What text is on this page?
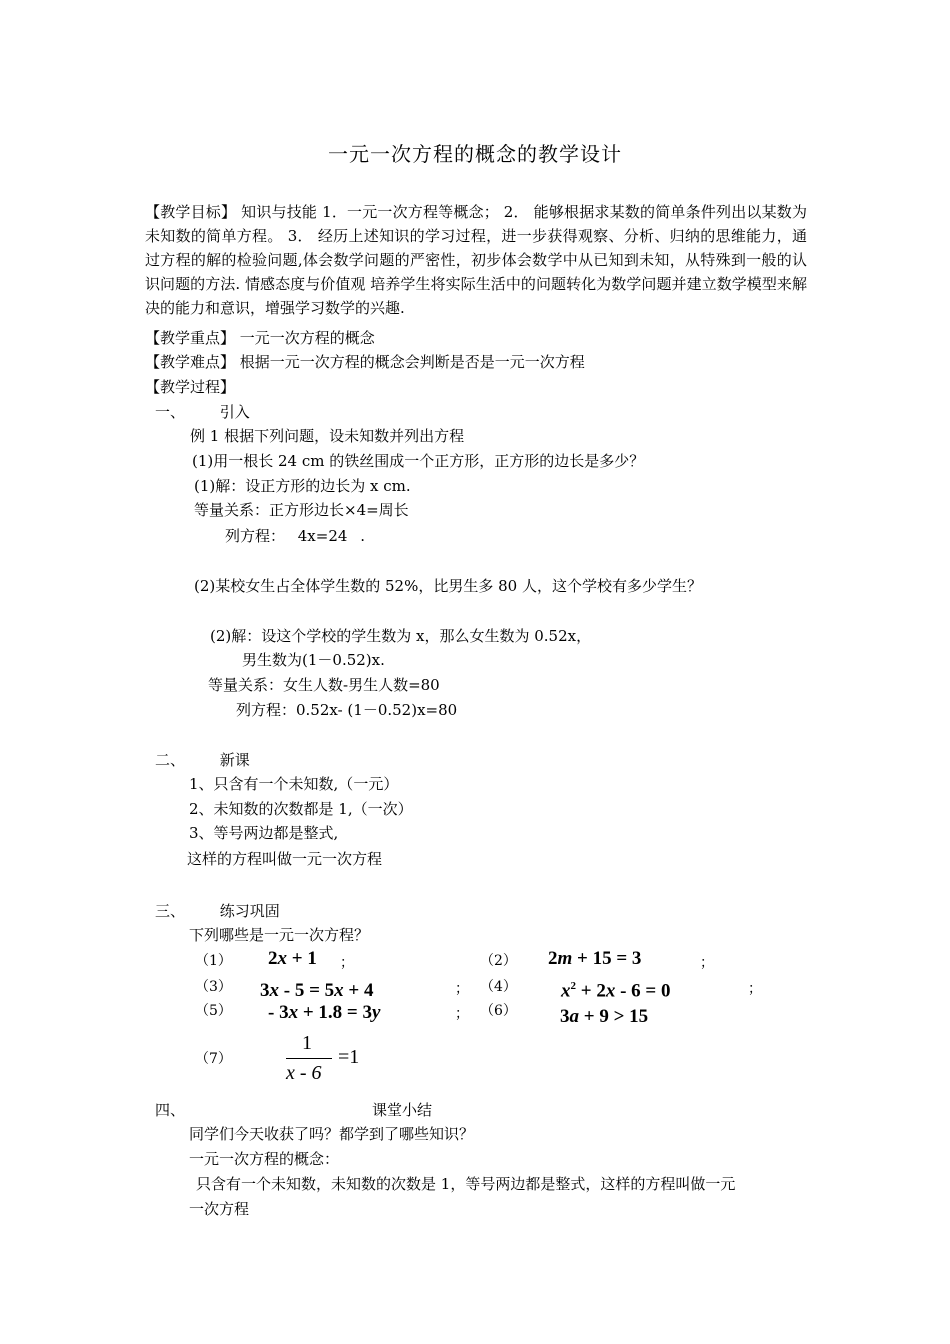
一元一次方程的概念的教学设计
【教学目标】 知识与技能 1．一元一次方程等概念； 2． 能够根据求某数的简单条件列出以某数为未知数的简单方程。 3． 经历上述知识的学习过程，进一步获得观察、分析、归纳的思维能力，通过方程的解的检验问题,体会数学问题的严密性，初步体会数学中从已知到未知，从特殊到一般的认识问题的方法. 情感态度与价值观 培养学生将实际生活中的问题转化为数学问题并建立数学模型来解决的能力和意识，增强学习数学的兴趣.
【教学重点】 一元一次方程的概念
【教学难点】 根据一元一次方程的概念会判断是否是一元一次方程
【教学过程】
一、 引入
例 1 根据下列问题，设未知数并列出方程
(1)用一根长 24 cm 的铁丝围成一个正方形，正方形的边长是多少？
(1)解：设正方形的边长为 x cm.
等量关系：正方形边长×4=周长
列方程： 4x=24 .
(2)某校女生占全体学生数的 52%，比男生多 80 人，这个学校有多少学生？
(2)解：设这个学校的学生数为 x，那么女生数为 0.52x，
男生数为(1－0.52)x.
等量关系：女生人数-男生人数=80
列方程：0.52x- (1－0.52)x=80
二、 新课
1、只含有一个未知数,（一元）
2、未知数的次数都是 1,（一次）
3、等号两边都是整式,
这样的方程叫做一元一次方程
三、 练习巩固
下列哪些是一元一次方程？
（1） 2x + 1 ；	（2） 2m + 15 = 3	；
（3） 3x - 5 = 5x + 4	； （4） $x^2 + 2x - 6 = 0$	；
（5） - 3x + 1.8 = 3y	； （6） 3a + 9 > 15
（7）
1
x - 6
=1
四、	课堂小结
同学们今天收获了吗？都学到了哪些知识？
一元一次方程的概念：
只含有一个未知数，未知数的次数是 1，等号两边都是整式，这样的方程叫做一元
一次方程
